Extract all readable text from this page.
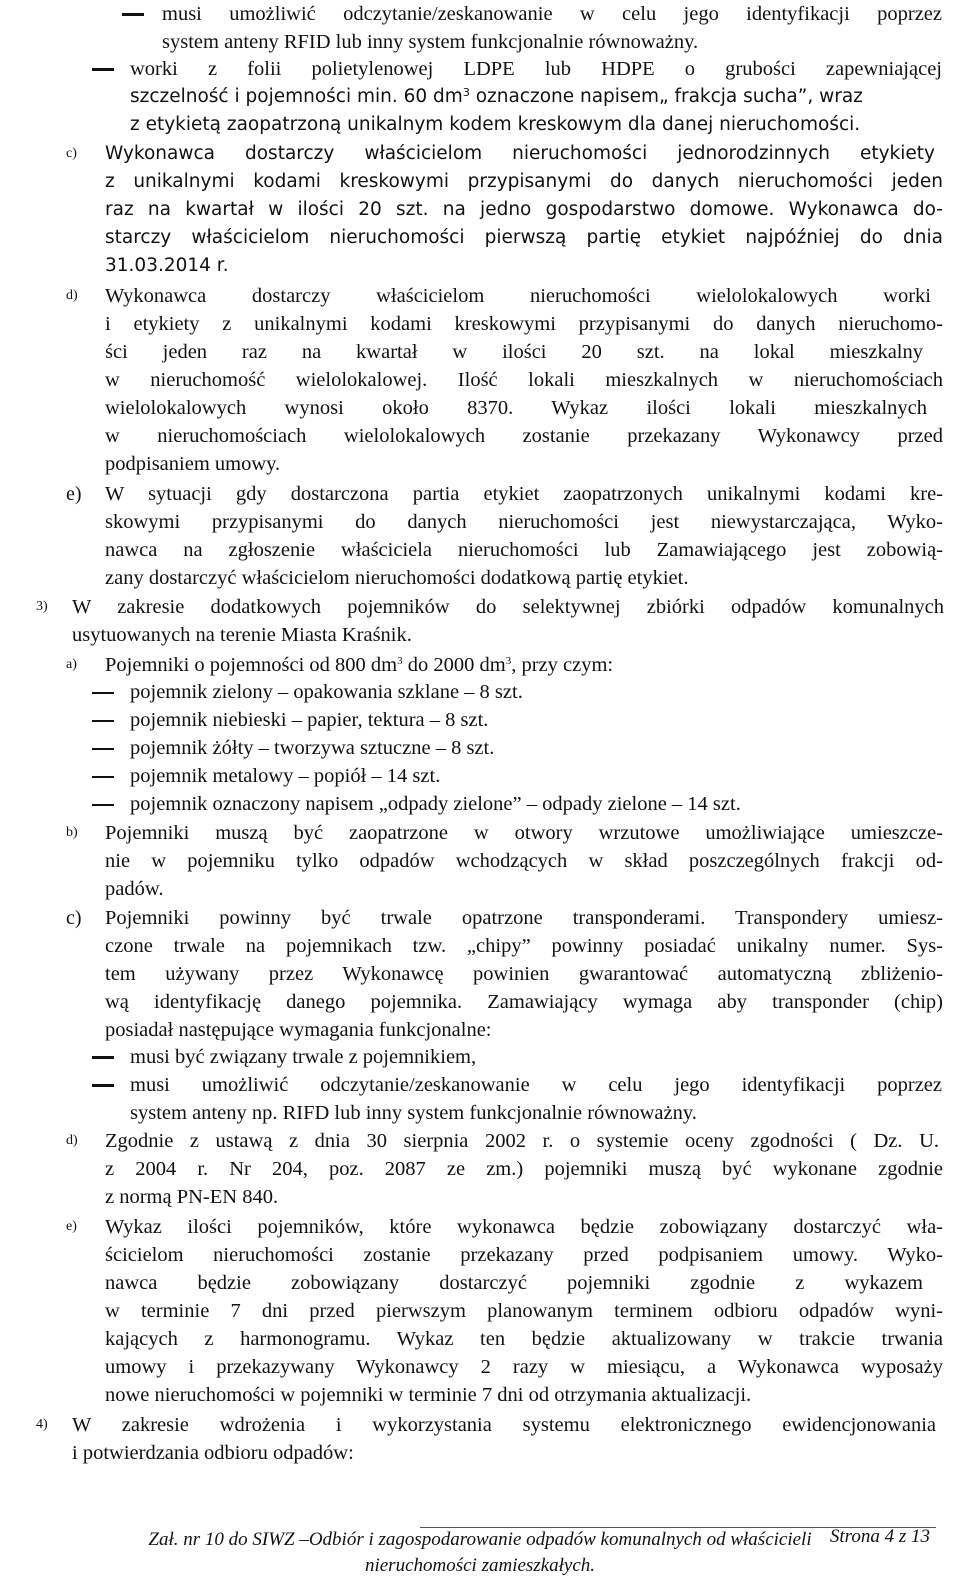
musi umożliwić odczytanie/zeskanowanie w celu jego identyfikacji poprzez
system anteny RFID lub inny system funkcjonalnie równoważny.
worki z folii polietylenowej LDPE lub HDPE o grubości zapewniającej
szczelność i pojemności min. 60 $dm^3$ oznaczone napisem„ frakcja sucha”, wraz
z etykietą zaopatrzoną unikalnym kodem kreskowym dla danej nieruchomości.
c) Wykonawca dostarczy właścicielom nieruchomości jednorodzinnych etykiety
z unikalnymi kodami kreskowymi przypisanymi do danych nieruchomości jeden
raz na kwartał w ilości 20 szt. na jedno gospodarstwo domowe. Wykonawca do-
starczy właścicielom nieruchomości pierwszą partię etykiet najpóźniej do dnia
31.03.2014 r.
d) Wykonawca dostarczy właścicielom nieruchomości wielolokalowych worki
i etykiety z unikalnymi kodami kreskowymi przypisanymi do danych nieruchomo-
ści jeden raz na kwartał w ilości 20 szt. na lokal mieszkalny
w nieruchomość wielolokalowej. Ilość lokali mieszkalnych w nieruchomościach
wielolokalowych wynosi około 8370. Wykaz ilości lokali mieszkalnych
w nieruchomościach wielolokalowych zostanie przekazany Wykonawcy przed
podpisaniem umowy.
e) W sytuacji gdy dostarczona partia etykiet zaopatrzonych unikalnymi kodami kre-
skowymi przypisanymi do danych nieruchomości jest niewystarczająca, Wyko-
nawca na zgłoszenie właściciela nieruchomości lub Zamawiającego jest zobowią-
zany dostarczyć właścicielom nieruchomości dodatkową partię etykiet.
3) W zakresie dodatkowych pojemników do selektywnej zbiórki odpadów komunalnych
usytuowanych na terenie Miasta Kraśnik.
a) Pojemniki o pojemności od 800 $dm^3$ do 2000 $dm^3$, przy czym:
pojemnik zielony – opakowania szklane – 8 szt.
pojemnik niebieski – papier, tektura – 8 szt.
pojemnik żółty – tworzywa sztuczne – 8 szt.
pojemnik metalowy – popiół – 14 szt.
pojemnik oznaczony napisem „odpady zielone” – odpady zielone – 14 szt.
b) Pojemniki muszą być zaopatrzone w otwory wrzutowe umożliwiające umieszcze-
nie w pojemniku tylko odpadów wchodzących w skład poszczególnych frakcji od-
padów.
c) Pojemniki powinny być trwale opatrzone transponderami. Transpondery umiesz-
czone trwale na pojemnikach tzw. „chipy” powinny posiadać unikalny numer. Sys-
tem używany przez Wykonawcę powinien gwarantować automatyczną zbliżenio-
wą identyfikację danego pojemnika. Zamawiający wymaga aby transponder (chip)
posiadał następujące wymagania funkcjonalne:
musi być związany trwale z pojemnikiem,
musi umożliwić odczytanie/zeskanowanie w celu jego identyfikacji poprzez
system anteny np. RIFD lub inny system funkcjonalnie równoważny.
d) Zgodnie z ustawą z dnia 30 sierpnia 2002 r. o systemie oceny zgodności ( Dz. U.
z 2004 r. Nr 204, poz. 2087 ze zm.) pojemniki muszą być wykonane zgodnie
z normą PN-EN 840.
e) Wykaz ilości pojemników, które wykonawca będzie zobowiązany dostarczyć wła-
ścicielom nieruchomości zostanie przekazany przed podpisaniem umowy. Wyko-
nawca będzie zobowiązany dostarczyć pojemniki zgodnie z wykazem
w terminie 7 dni przed pierwszym planowanym terminem odbioru odpadów wyni-
kających z harmonogramu. Wykaz ten będzie aktualizowany w trakcie trwania
umowy i przekazywany Wykonawcy 2 razy w miesiącu, a Wykonawca wyposaży
nowe nieruchomości w pojemniki w terminie 7 dni od otrzymania aktualizacji.
4) W zakresie wdrożenia i wykorzystania systemu elektronicznego ewidencjonowania
i potwierdzania odbioru odpadów:
Strona 4 z 13
Zał. nr 10 do SIWZ –Odbiór i zagospodarowanie odpadów komunalnych od właścicieli
nieruchomości zamieszkałych.
